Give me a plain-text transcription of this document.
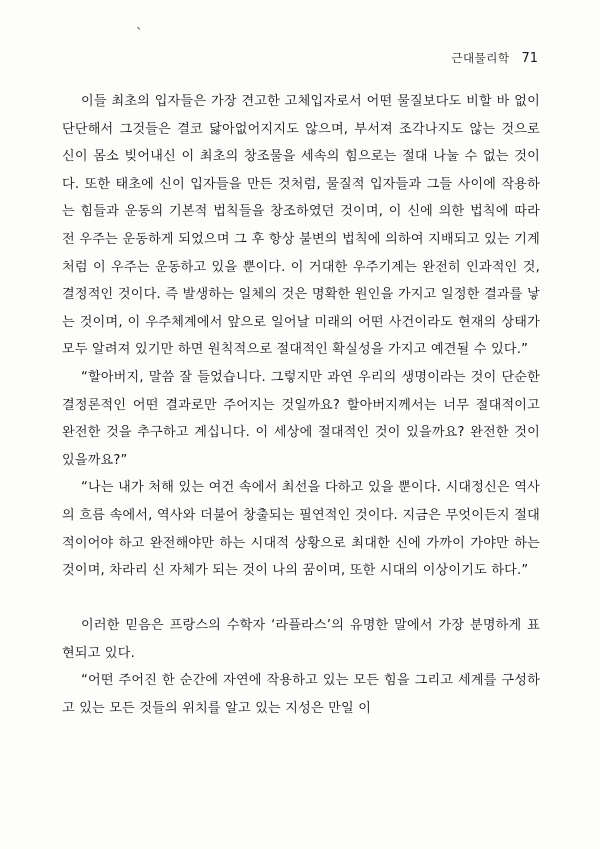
`
근대물리학 71

이들 최초의 입자들은 가장 견고한 고체입자로서 어떤 물질보다도 비할 바 없이 단단해서 그것들은 결코 닳아없어지지도 않으며, 부서져 조각나지도 않는 것으로 신이 몸소 빚어내신 이 최초의 창조물을 세속의 힘으로는 절대 나눌 수 없는 것이다. 또한 태초에 신이 입자들을 만든 것처럼, 물질적 입자들과 그들 사이에 작용하는 힘들과 운동의 기본적 법칙들을 창조하였던 것이며, 이 신에 의한 법칙에 따라 전 우주는 운동하게 되었으며 그 후 항상 불변의 법칙에 의하여 지배되고 있는 기계처럼 이 우주는 운동하고 있을 뿐이다. 이 거대한 우주기계는 완전히 인과적인 것, 결정적인 것이다. 즉 발생하는 일체의 것은 명확한 원인을 가지고 일정한 결과를 낳는 것이며, 이 우주체계에서 앞으로 일어날 미래의 어떤 사건이라도 현재의 상태가 모두 알려져 있기만 하면 원칙적으로 절대적인 확실성을 가지고 예견될 수 있다.”

“할아버지, 말씀 잘 들었습니다. 그렇지만 과연 우리의 생명이라는 것이 단순한 결정론적인 어떤 결과로만 주어지는 것일까요? 할아버지께서는 너무 절대적이고 완전한 것을 추구하고 계십니다. 이 세상에 절대적인 것이 있을까요? 완전한 것이 있을까요?”

“나는 내가 처해 있는 여건 속에서 최선을 다하고 있을 뿐이다. 시대정신은 역사의 흐름 속에서, 역사와 더불어 창출되는 필연적인 것이다. 지금은 무엇이든지 절대적이어야 하고 완전해야만 하는 시대적 상황으로 최대한 신에 가까이 가야만 하는 것이며, 차라리 신 자체가 되는 것이 나의 꿈이며, 또한 시대의 이상이기도 하다.”

이러한 믿음은 프랑스의 수학자 ‘라플라스’의 유명한 말에서 가장 분명하게 표현되고 있다.

“어떤 주어진 한 순간에 자연에 작용하고 있는 모든 힘을 그리고 세계를 구성하고 있는 모든 것들의 위치를 알고 있는 지성은 만일 이
